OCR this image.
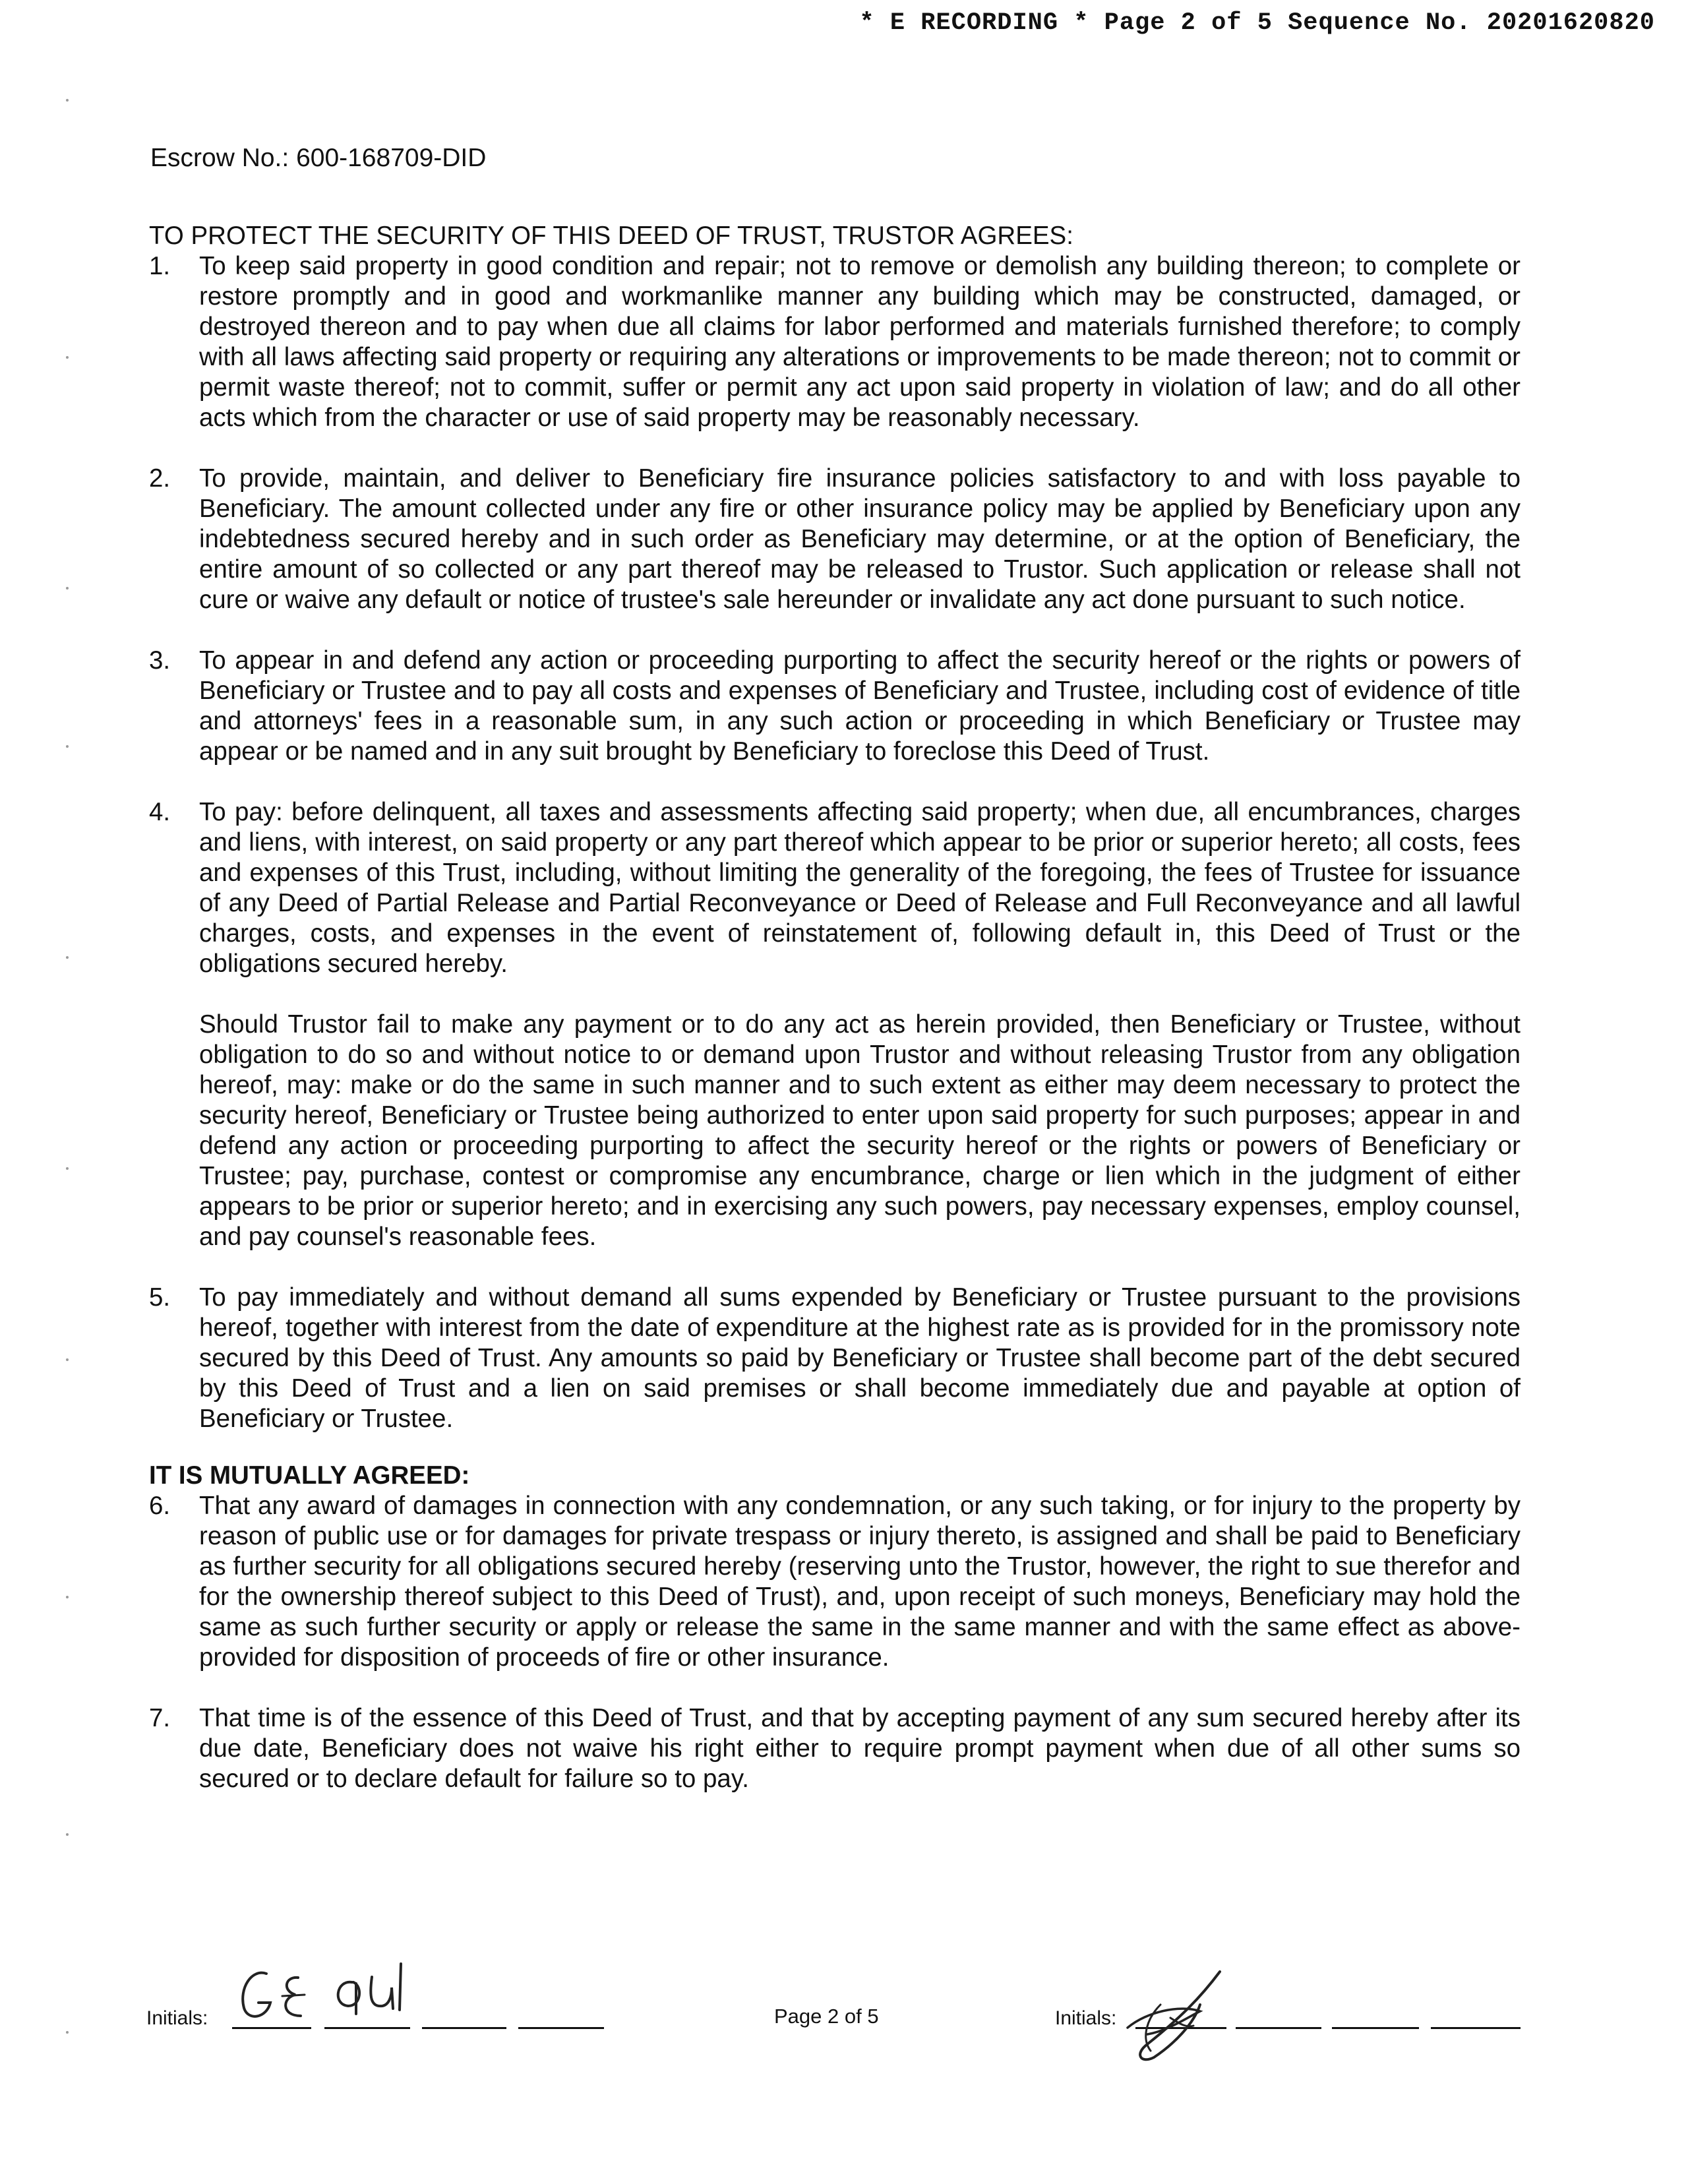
* E RECORDING * Page 2 of 5 Sequence No. 20201620820
Escrow No.: 600-168709-DID

TO PROTECT THE SECURITY OF THIS DEED OF TRUST, TRUSTOR AGREES:

1. To keep said property in good condition and repair; not to remove or demolish any building thereon; to complete or restore promptly and in good and workmanlike manner any building which may be constructed, damaged, or destroyed thereon and to pay when due all claims for labor performed and materials furnished therefore; to comply with all laws affecting said property or requiring any alterations or improvements to be made thereon; not to commit or permit waste thereof; not to commit, suffer or permit any act upon said property in violation of law; and do all other acts which from the character or use of said property may be reasonably necessary.
2. To provide, maintain, and deliver to Beneficiary fire insurance policies satisfactory to and with loss payable to Beneficiary. The amount collected under any fire or other insurance policy may be applied by Beneficiary upon any indebtedness secured hereby and in such order as Beneficiary may determine, or at the option of Beneficiary, the entire amount of so collected or any part thereof may be released to Trustor. Such application or release shall not cure or waive any default or notice of trustee's sale hereunder or invalidate any act done pursuant to such notice.
3. To appear in and defend any action or proceeding purporting to affect the security hereof or the rights or powers of Beneficiary or Trustee and to pay all costs and expenses of Beneficiary and Trustee, including cost of evidence of title and attorneys' fees in a reasonable sum, in any such action or proceeding in which Beneficiary or Trustee may appear or be named and in any suit brought by Beneficiary to foreclose this Deed of Trust.
4. To pay: before delinquent, all taxes and assessments affecting said property; when due, all encumbrances, charges and liens, with interest, on said property or any part thereof which appear to be prior or superior hereto; all costs, fees and expenses of this Trust, including, without limiting the generality of the foregoing, the fees of Trustee for issuance of any Deed of Partial Release and Partial Reconveyance or Deed of Release and Full Reconveyance and all lawful charges, costs, and expenses in the event of reinstatement of, following default in, this Deed of Trust or the obligations secured hereby.
Should Trustor fail to make any payment or to do any act as herein provided, then Beneficiary or Trustee, without obligation to do so and without notice to or demand upon Trustor and without releasing Trustor from any obligation hereof, may: make or do the same in such manner and to such extent as either may deem necessary to protect the security hereof, Beneficiary or Trustee being authorized to enter upon said property for such purposes; appear in and defend any action or proceeding purporting to affect the security hereof or the rights or powers of Beneficiary or Trustee; pay, purchase, contest or compromise any encumbrance, charge or lien which in the judgment of either appears to be prior or superior hereto; and in exercising any such powers, pay necessary expenses, employ counsel, and pay counsel's reasonable fees.
5. To pay immediately and without demand all sums expended by Beneficiary or Trustee pursuant to the provisions hereof, together with interest from the date of expenditure at the highest rate as is provided for in the promissory note secured by this Deed of Trust. Any amounts so paid by Beneficiary or Trustee shall become part of the debt secured by this Deed of Trust and a lien on said premises or shall become immediately due and payable at option of Beneficiary or Trustee.

IT IS MUTUALLY AGREED:

6. That any award of damages in connection with any condemnation, or any such taking, or for injury to the property by reason of public use or for damages for private trespass or injury thereto, is assigned and shall be paid to Beneficiary as further security for all obligations secured hereby (reserving unto the Trustor, however, the right to sue therefor and for the ownership thereof subject to this Deed of Trust), and, upon receipt of such moneys, Beneficiary may hold the same as such further security or apply or release the same in the same manner and with the same effect as above-provided for disposition of proceeds of fire or other insurance.
7. That time is of the essence of this Deed of Trust, and that by accepting payment of any sum secured hereby after its due date, Beneficiary does not waive his right either to require prompt payment when due of all other sums so secured or to declare default for failure so to pay.
Initials:	Page 2 of 5	Initials:
